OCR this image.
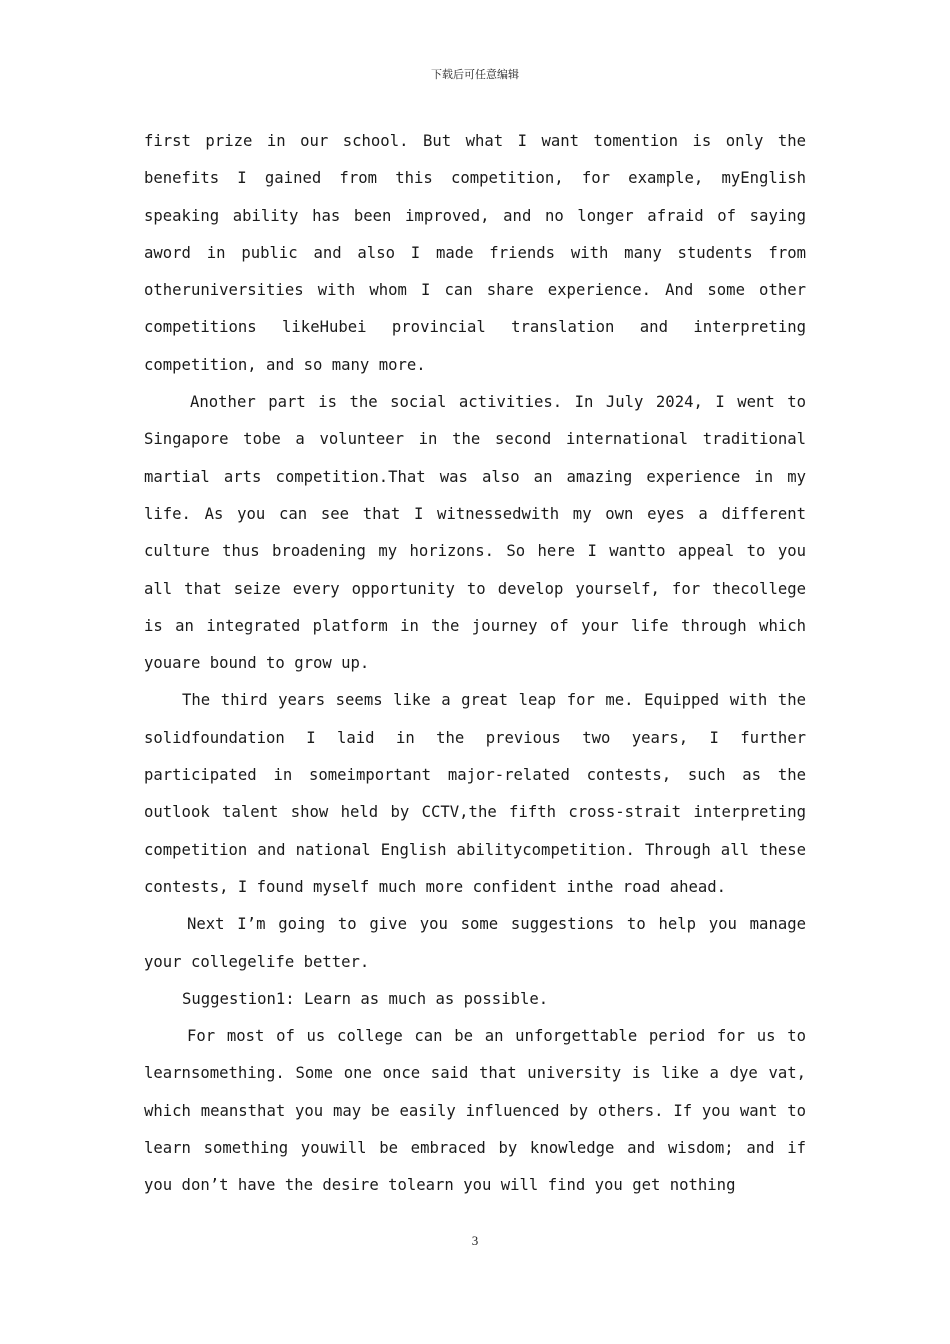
下载后可任意编辑

first prize in our school. But what I want tomention is only the benefits I gained from this competition, for example, myEnglish speaking ability has been improved, and no longer afraid of saying aword in public and also I made friends with many students from otheruniversities with whom I can share experience. And some other competitions likeHubei provincial translation and interpreting competition, and so many more.

Another part is the social activities. In July 2024, I went to Singapore tobe a volunteer in the second international traditional martial arts competition.That was also an amazing experience in my life. As you can see that I witnessedwith my own eyes a different culture thus broadening my horizons. So here I wantto appeal to you all that seize every opportunity to develop yourself, for thecollege is an integrated platform in the journey of your life through which youare bound to grow up.

The third years seems like a great leap for me. Equipped with the solidfoundation I laid in the previous two years, I further participated in someimportant major-related contests, such as the outlook talent show held by CCTV,the fifth cross-strait interpreting competition and national English abilitycompetition. Through all these contests, I found myself much more confident inthe road ahead.

Next I’m going to give you some suggestions to help you manage your collegelife better.

Suggestion1: Learn as much as possible.

For most of us college can be an unforgettable period for us to learnsomething. Some one once said that university is like a dye vat, which meansthat you may be easily influenced by others. If you want to learn something youwill be embraced by knowledge and wisdom; and if you don’t have the desire tolearn you will find you get nothing

3
